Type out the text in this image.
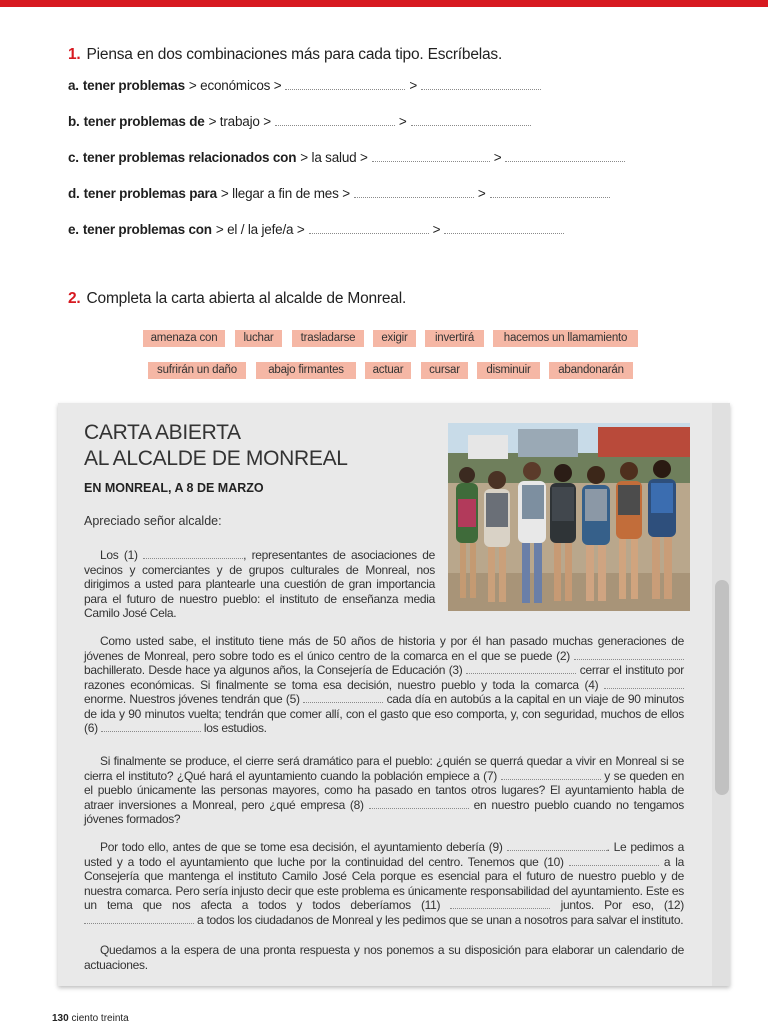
1. Piensa en dos combinaciones más para cada tipo. Escríbelas.
a. tener problemas > económicos >	>
b. tener problemas de > trabajo >	>
c. tener problemas relacionados con > la salud >	>
d. tener problemas para > llegar a fin de mes >	>
e. tener problemas con > el / la jefe/a >	>
2. Completa la carta abierta al alcalde de Monreal.
amenaza con	luchar	trasladarse	exigir	invertirá	hacemos un llamamiento
sufrirán un daño	abajo firmantes	actuar	cursar	disminuir	abandonarán
CARTA ABIERTA
AL ALCALDE DE MONREAL
EN MONREAL, A 8 DE MARZO
Apreciado señor alcalde:
Los (1)	, representantes de asociaciones de vecinos y comerciantes y de grupos culturales de Monreal, nos dirigimos a usted para plantearle una cuestión de gran importancia para el futuro de nuestro pueblo: el instituto de enseñanza media Camilo José Cela.
Como usted sabe, el instituto tiene más de 50 años de historia y por él han pasado muchas generaciones de jóvenes de Monreal, pero sobre todo es el único centro de la comarca en el que se puede (2)  bachillerato. Desde hace ya algunos años, la Consejería de Educación (3)	cerrar el instituto por razones económicas. Si finalmente se toma esa decisión, nuestro pueblo y toda la comarca (4)  enorme. Nuestros jóvenes tendrán que (5)	cada día en autobús a la capital en un viaje de 90 minutos de ida y 90 minutos vuelta; tendrán que comer allí, con el gasto que eso comporta, y, con seguridad, muchos de ellos (6)	los estudios.
Si finalmente se produce, el cierre será dramático para el pueblo: ¿quién se querrá quedar a vivir en Monreal si se cierra el instituto? ¿Qué hará el ayuntamiento cuando la población empiece a (7)	y se queden en el pueblo únicamente las personas mayores, como ha pasado en tantos otros lugares? El ayuntamiento habla de atraer inversiones a Monreal, pero ¿qué empresa (8)	en nuestro pueblo cuando no tengamos jóvenes formados?
Por todo ello, antes de que se tome esa decisión, el ayuntamiento debería (9)	. Le pedimos a usted y a todo el ayuntamiento que luche por la continuidad del centro. Tenemos que (10)	a la Consejería que mantenga el instituto Camilo José Cela porque es esencial para el futuro de nuestro pueblo y de nuestra comarca. Pero sería injusto decir que este problema es únicamente responsabilidad del ayuntamiento. Este es un tema que nos afecta a todos y todos deberíamos (11)	juntos. Por eso, (12)  a todos los ciudadanos de Monreal y les pedimos que se unan a nosotros para salvar el instituto.
Quedamos a la espera de una pronta respuesta y nos ponemos a su disposición para elaborar un calendario de actuaciones.
130 ciento treinta
